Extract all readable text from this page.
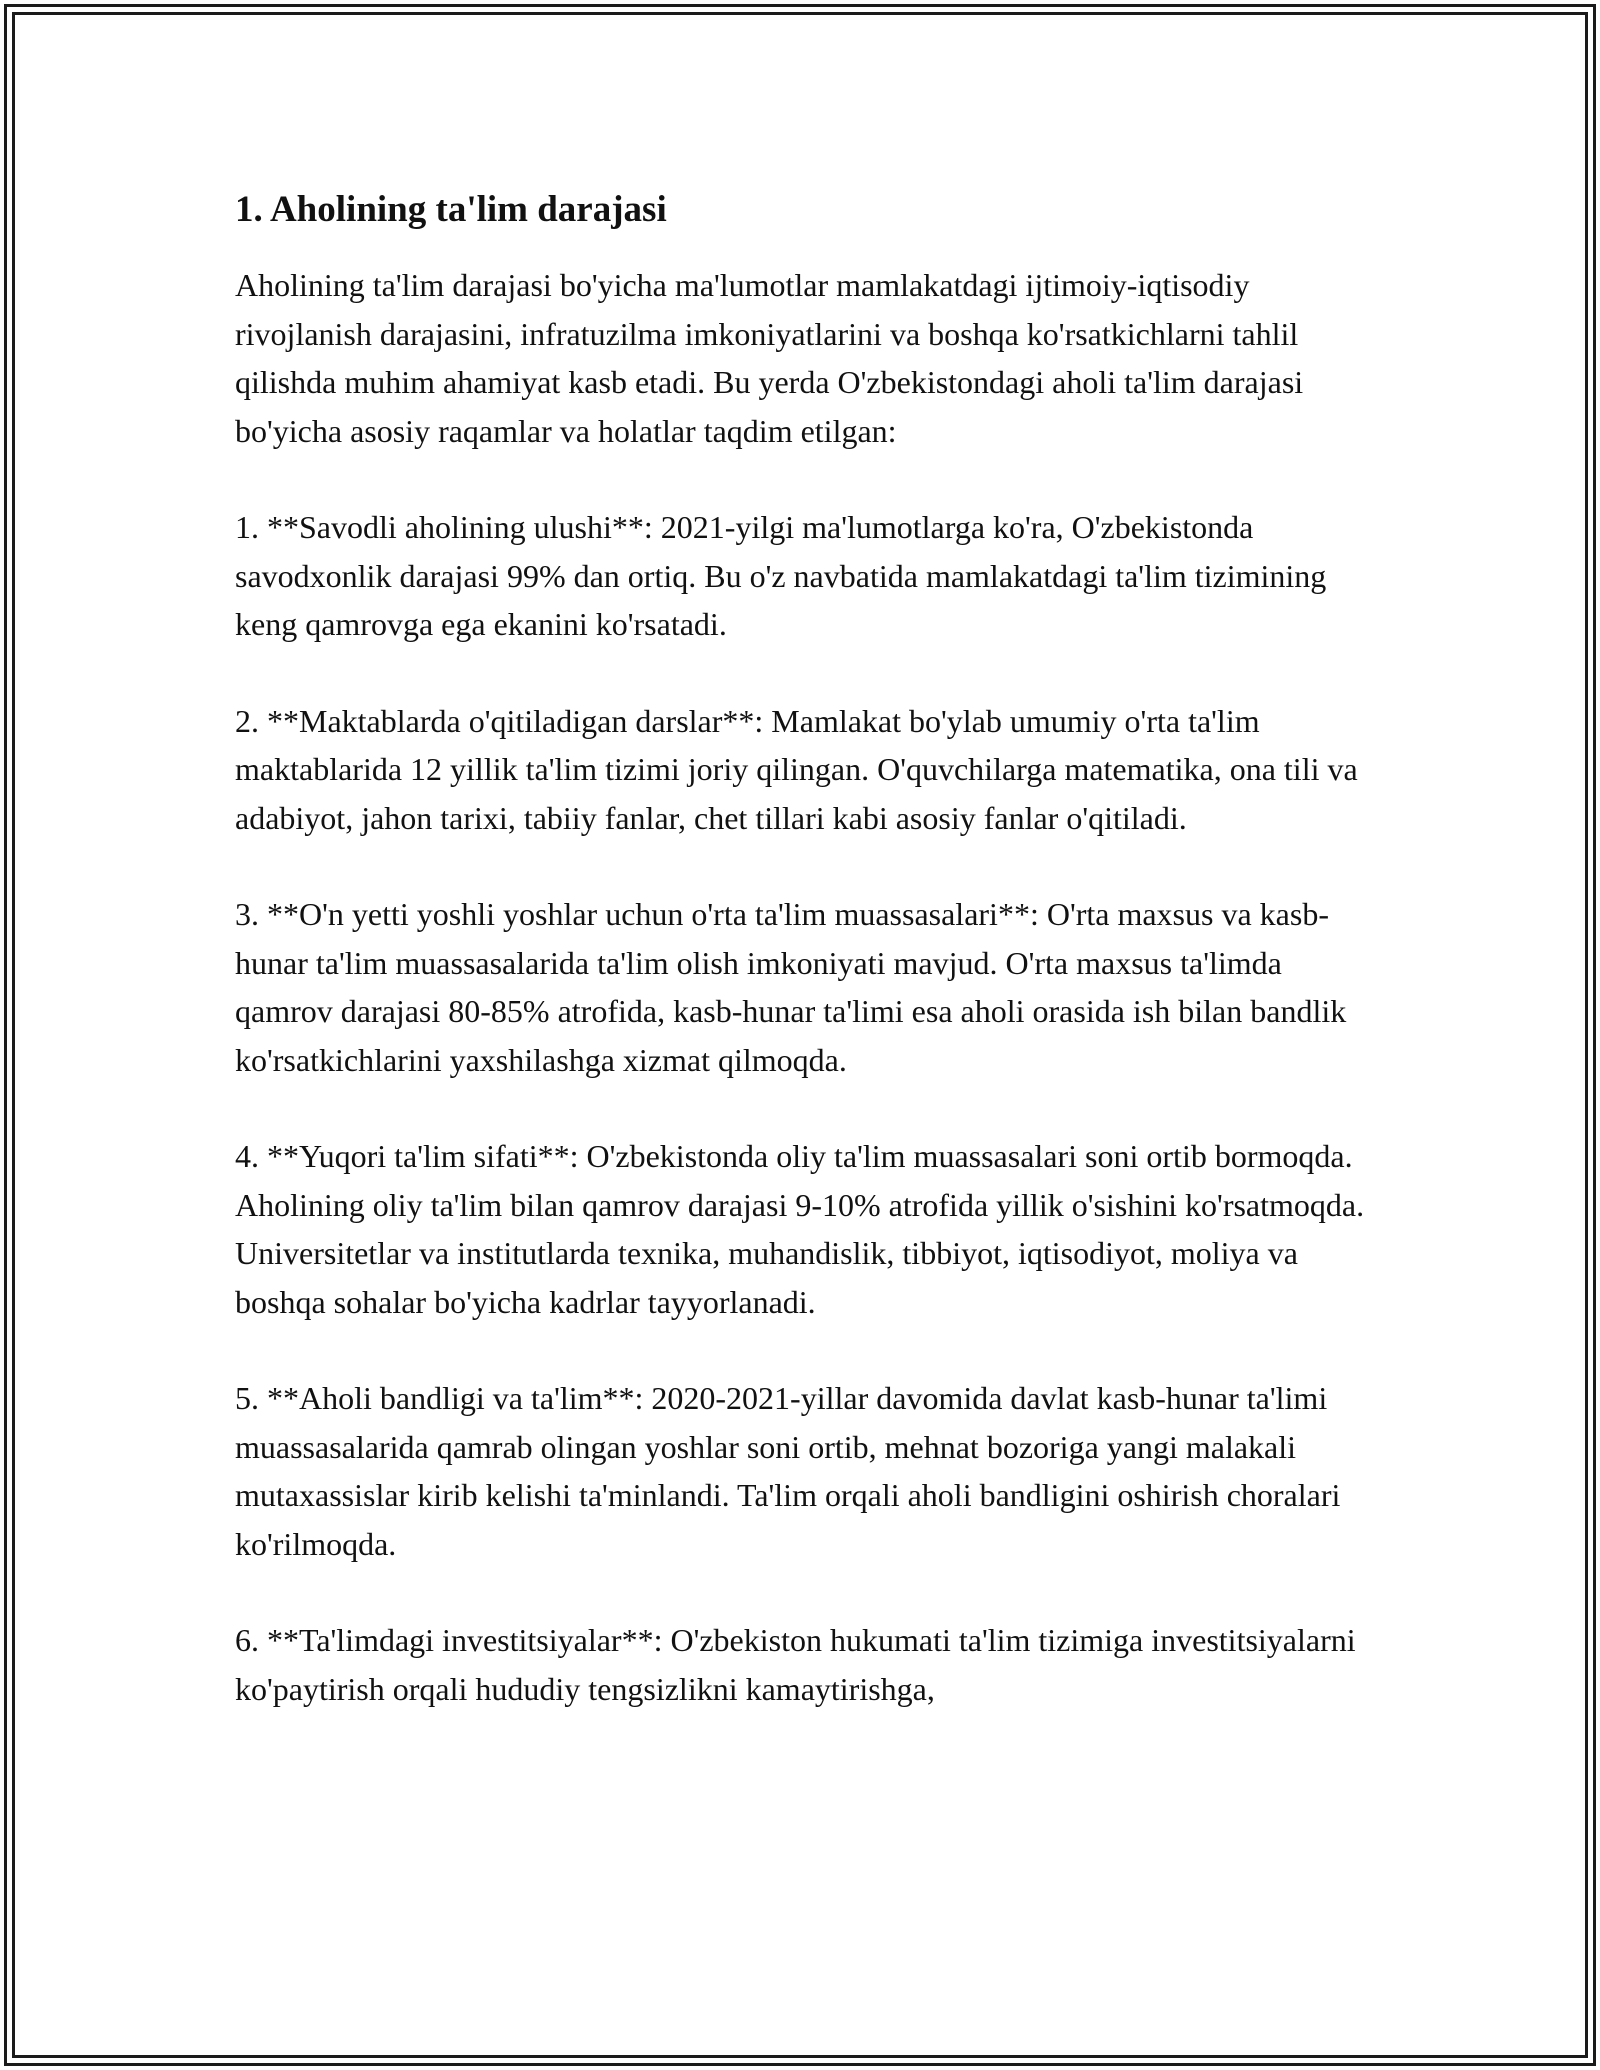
1. Aholining ta'lim darajasi

Aholining ta'lim darajasi bo'yicha ma'lumotlar mamlakatdagi ijtimoiy-iqtisodiy rivojlanish darajasini, infratuzilma imkoniyatlarini va boshqa ko'rsatkichlarni tahlil qilishda muhim ahamiyat kasb etadi. Bu yerda O'zbekistondagi aholi ta'lim darajasi bo'yicha asosiy raqamlar va holatlar taqdim etilgan:

1. **Savodli aholining ulushi**: 2021-yilgi ma'lumotlarga ko'ra, O'zbekistonda savodxonlik darajasi 99% dan ortiq. Bu o'z navbatida mamlakatdagi ta'lim tizimining keng qamrovga ega ekanini ko'rsatadi.

2. **Maktablarda o'qitiladigan darslar**: Mamlakat bo'ylab umumiy o'rta ta'lim maktablarida 12 yillik ta'lim tizimi joriy qilingan. O'quvchilarga matematika, ona tili va adabiyot, jahon tarixi, tabiiy fanlar, chet tillari kabi asosiy fanlar o'qitiladi.

3. **O'n yetti yoshli yoshlar uchun o'rta ta'lim muassasalari**: O'rta maxsus va kasb-hunar ta'lim muassasalarida ta'lim olish imkoniyati mavjud. O'rta maxsus ta'limda qamrov darajasi 80-85% atrofida, kasb-hunar ta'limi esa aholi orasida ish bilan bandlik ko'rsatkichlarini yaxshilashga xizmat qilmoqda.

4. **Yuqori ta'lim sifati**: O'zbekistonda oliy ta'lim muassasalari soni ortib bormoqda. Aholining oliy ta'lim bilan qamrov darajasi 9-10% atrofida yillik o'sishini ko'rsatmoqda. Universitetlar va institutlarda texnika, muhandislik, tibbiyot, iqtisodiyot, moliya va boshqa sohalar bo'yicha kadrlar tayyorlanadi.

5. **Aholi bandligi va ta'lim**: 2020-2021-yillar davomida davlat kasb-hunar ta'limi muassasalarida qamrab olingan yoshlar soni ortib, mehnat bozoriga yangi malakali mutaxassislar kirib kelishi ta'minlandi. Ta'lim orqali aholi bandligini oshirish choralari ko'rilmoqda.

6. **Ta'limdagi investitsiyalar**: O'zbekiston hukumati ta'lim tizimiga investitsiyalarni ko'paytirish orqali hududiy tengsizlikni kamaytirishga,
